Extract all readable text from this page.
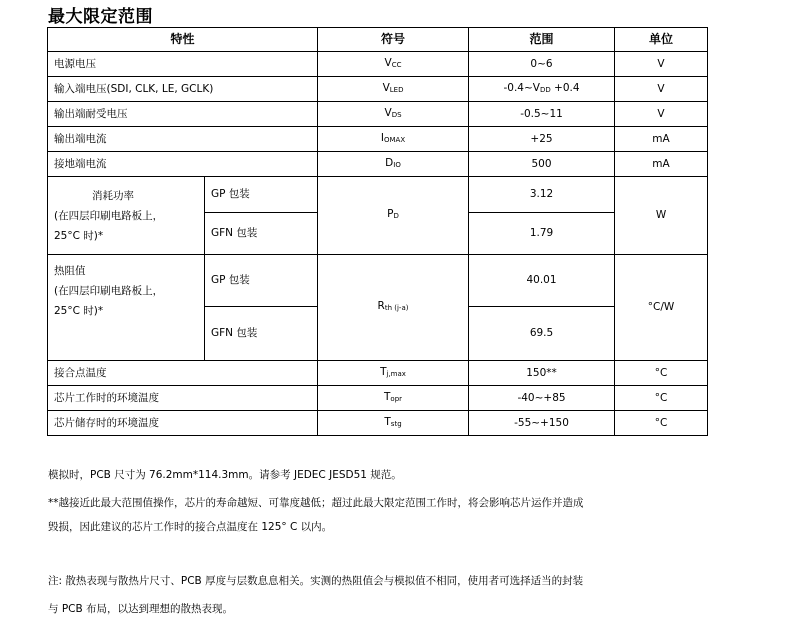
最大限定范围
特性		符号	范围	单位
电源电压		VCC	0~6	V
输入端电压(SDI, CLK, LE, GCLK)		VLED	-0.4~VDD +0.4	V
输出端耐受电压		VDS	-0.5~11	V
输出端电流		IOMAX	+25	mA
接地端电流		DIO	500	mA

消耗功率
(在四层印刷电路板上，
25°C 时)*	GP 包装	PD	3.12	W
	GFN 包装		1.79	

热阻值
(在四层印刷电路板上，
25°C 时)*	GP 包装	Rth (j-a)	40.01	°C/W
	GFN 包装		69.5	
接合点温度		Tj,max	150**	°C
芯片工作时的环境温度		Topr	-40~+85	°C
芯片储存时的环境温度		Tstg	-55~+150	°C
模拟时，PCB 尺寸为 76.2mm*114.3mm。请参考 JEDEC JESD51 规范。
**越接近此最大范围值操作，芯片的寿命越短、可靠度越低；超过此最大限定范围工作时，将会影响芯片运作并造成
毁损，因此建议的芯片工作时的接合点温度在 125° C 以内。
注: 散热表现与散热片尺寸、PCB 厚度与层数息息相关。实测的热阻值会与模拟值不相同，使用者可选择适当的封装
与 PCB 布局，以达到理想的散热表现。
